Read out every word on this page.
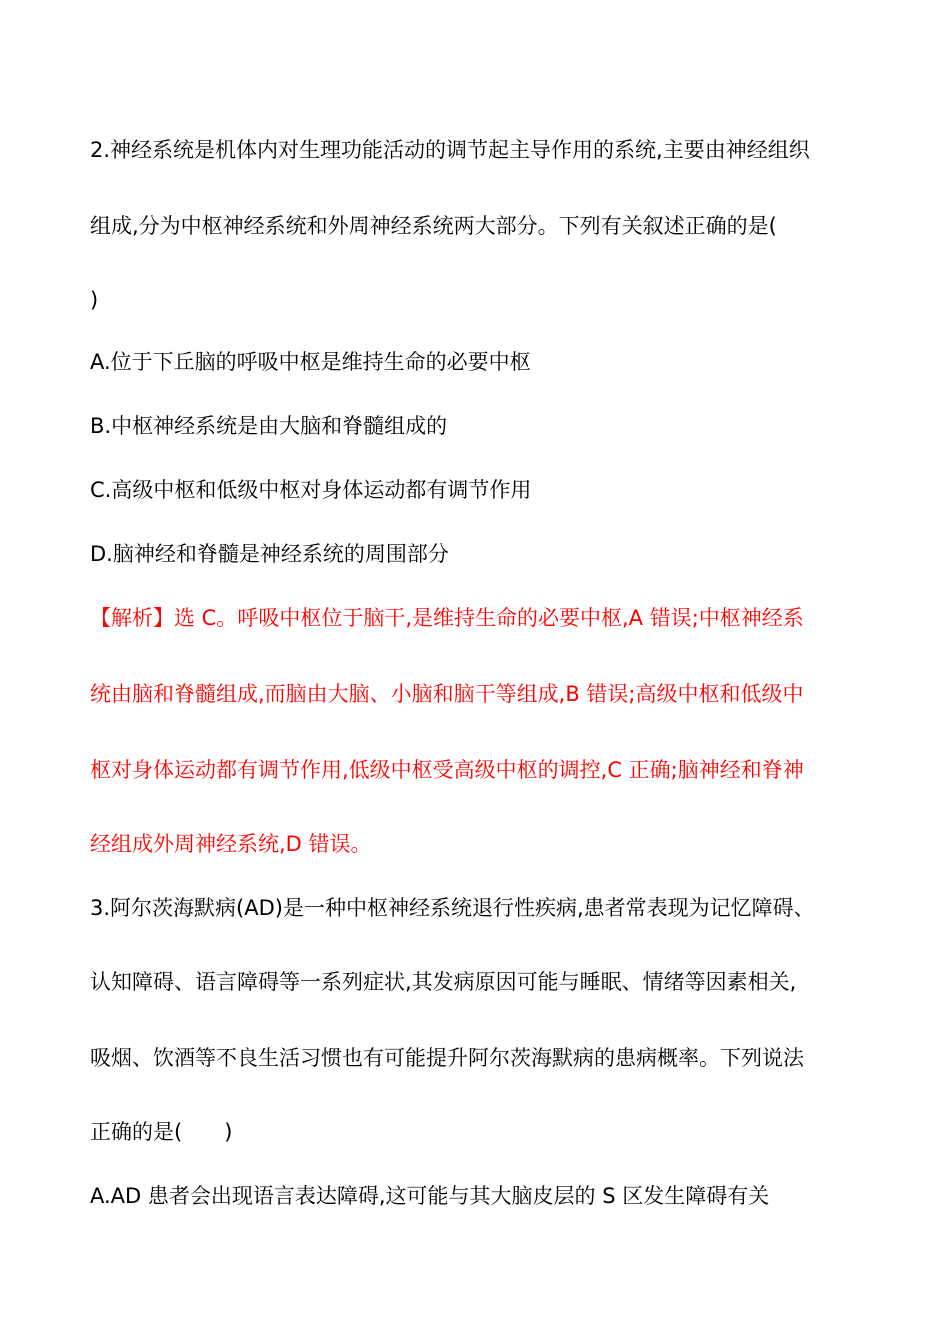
2.神经系统是机体内对生理功能活动的调节起主导作用的系统,主要由神经组织
组成,分为中枢神经系统和外周神经系统两大部分。下列有关叙述正确的是(
)
A.位于下丘脑的呼吸中枢是维持生命的必要中枢
B.中枢神经系统是由大脑和脊髓组成的
C.高级中枢和低级中枢对身体运动都有调节作用
D.脑神经和脊髓是神经系统的周围部分
【解析】选 C。呼吸中枢位于脑干,是维持生命的必要中枢,A 错误;中枢神经系
统由脑和脊髓组成,而脑由大脑、小脑和脑干等组成,B 错误;高级中枢和低级中
枢对身体运动都有调节作用,低级中枢受高级中枢的调控,C 正确;脑神经和脊神
经组成外周神经系统,D 错误。
3.阿尔茨海默病(AD)是一种中枢神经系统退行性疾病,患者常表现为记忆障碍、
认知障碍、语言障碍等一系列症状,其发病原因可能与睡眠、情绪等因素相关,
吸烟、饮酒等不良生活习惯也有可能提升阿尔茨海默病的患病概率。下列说法
正确的是(　　)
A.AD 患者会出现语言表达障碍,这可能与其大脑皮层的 S 区发生障碍有关
